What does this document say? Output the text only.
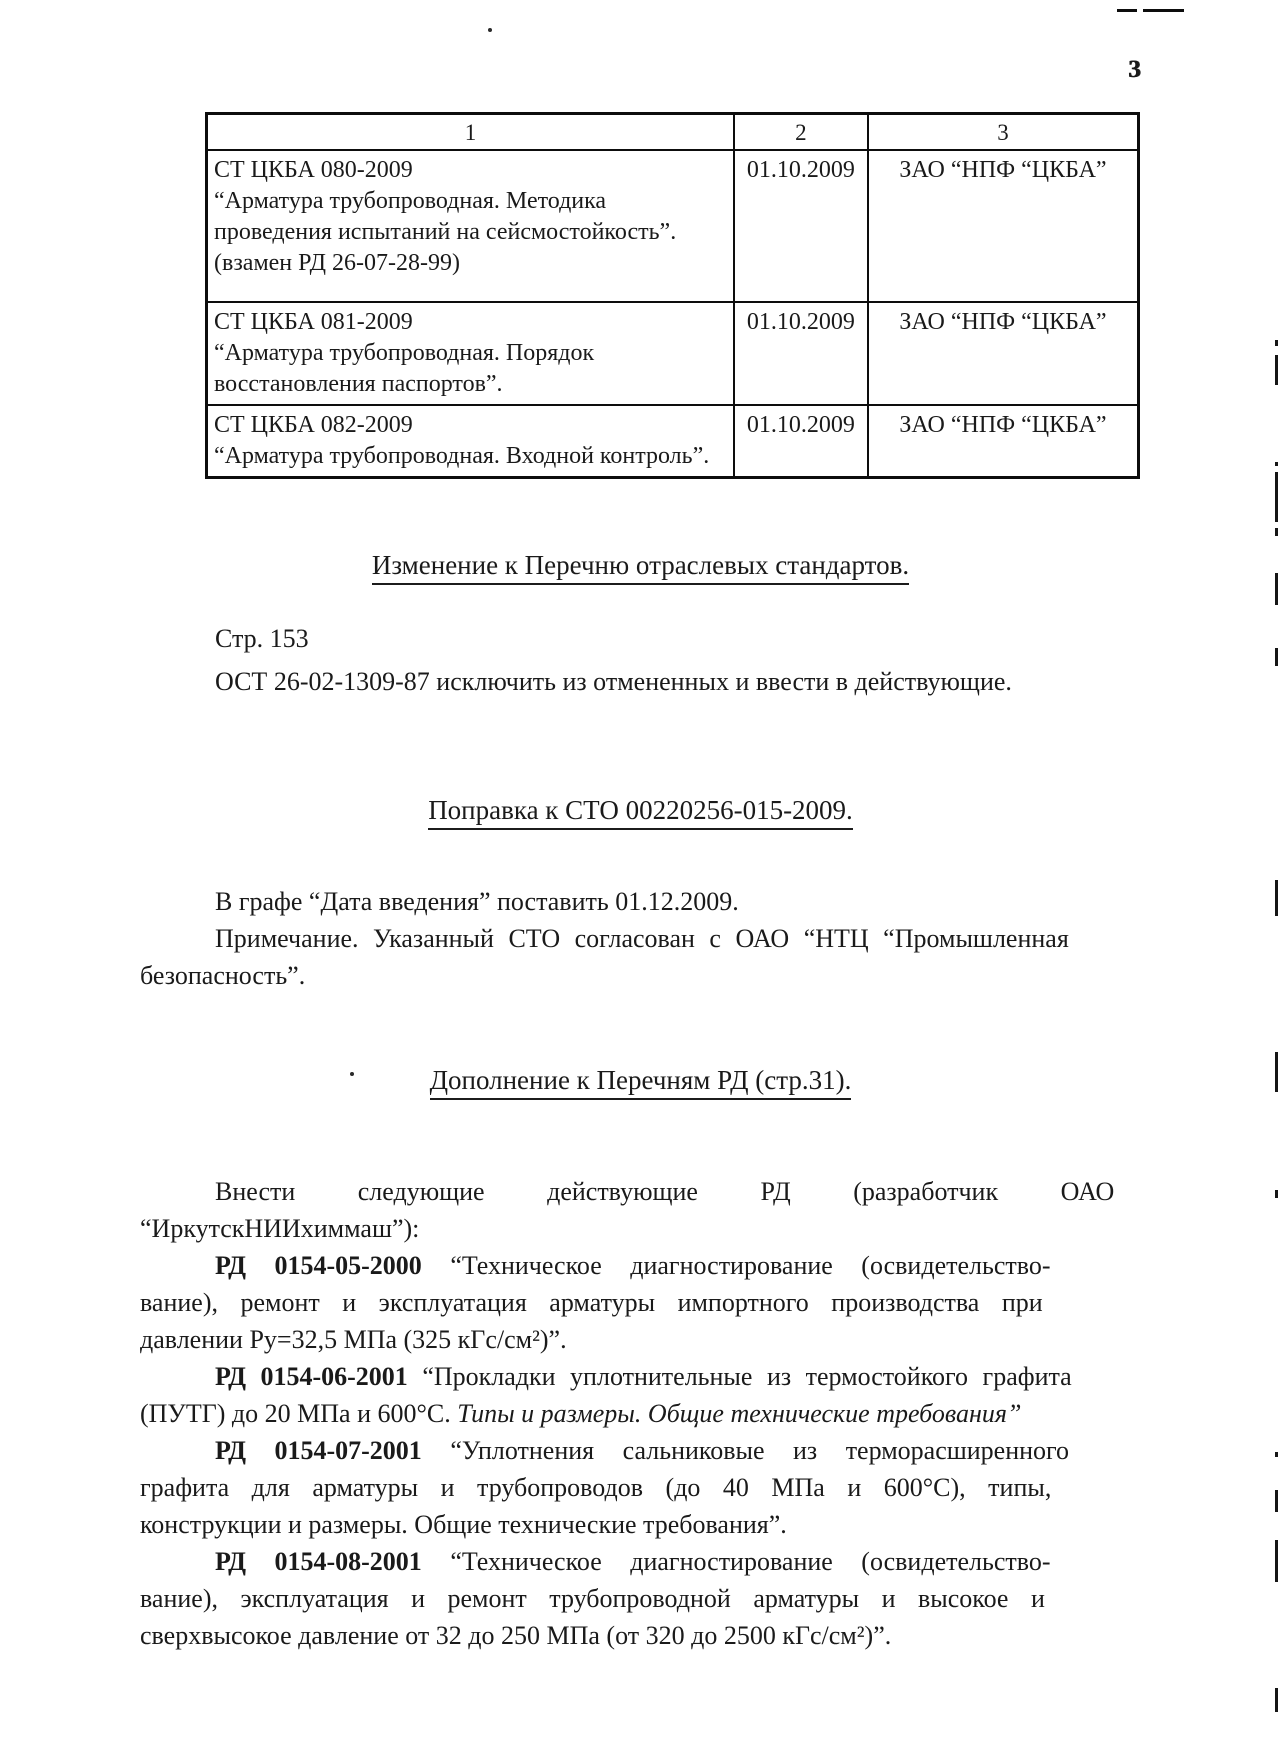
3
1	2	3

СТ ЦКБА 080-2009
“Арматура трубопроводная. Методика
проведения испытаний на сейсмостойкость”.
(взамен РД 26-07-28-99)	01.10.2009	ЗАО “НПФ “ЦКБА”

СТ ЦКБА 081-2009
“Арматура трубопроводная. Порядок
восстановления паспортов”.	01.10.2009	ЗАО “НПФ “ЦКБА”

СТ ЦКБА 082-2009
“Арматура трубопроводная. Входной контроль”.	01.10.2009	ЗАО “НПФ “ЦКБА”
Изменение к Перечню отраслевых стандартов.
Стр. 153
ОСТ 26-02-1309-87 исключить из отмененных и ввести в действующие.
Поправка к СТО 00220256-015-2009.
В графе “Дата введения” поставить 01.12.2009.
Примечание. Указанный СТО согласован с ОАО “НТЦ “Промышленная
безопасность”.
Дополнение к Перечням РД (стр.31).
Внести следующие действующие РД (разработчик ОАО
“ИркутскНИИхиммаш”):
РД 0154-05-2000 “Техническое диагностирование (освидетельство-
вание), ремонт и эксплуатация арматуры импортного производства при
давлении Ру=32,5 МПа (325 кГс/см²)”.
РД 0154-06-2001 “Прокладки уплотнительные из термостойкого графита
(ПУТГ) до 20 МПа и 600°С. Типы и размеры. Общие технические требования”
РД 0154-07-2001 “Уплотнения сальниковые из терморасширенного
графита для арматуры и трубопроводов (до 40 МПа и 600°С), типы,
конструкции и размеры. Общие технические требования”.
РД 0154-08-2001 “Техническое диагностирование (освидетельство-
вание), эксплуатация и ремонт трубопроводной арматуры и высокое и
сверхвысокое давление от 32 до 250 МПа (от 320 до 2500 кГс/см²)”.
